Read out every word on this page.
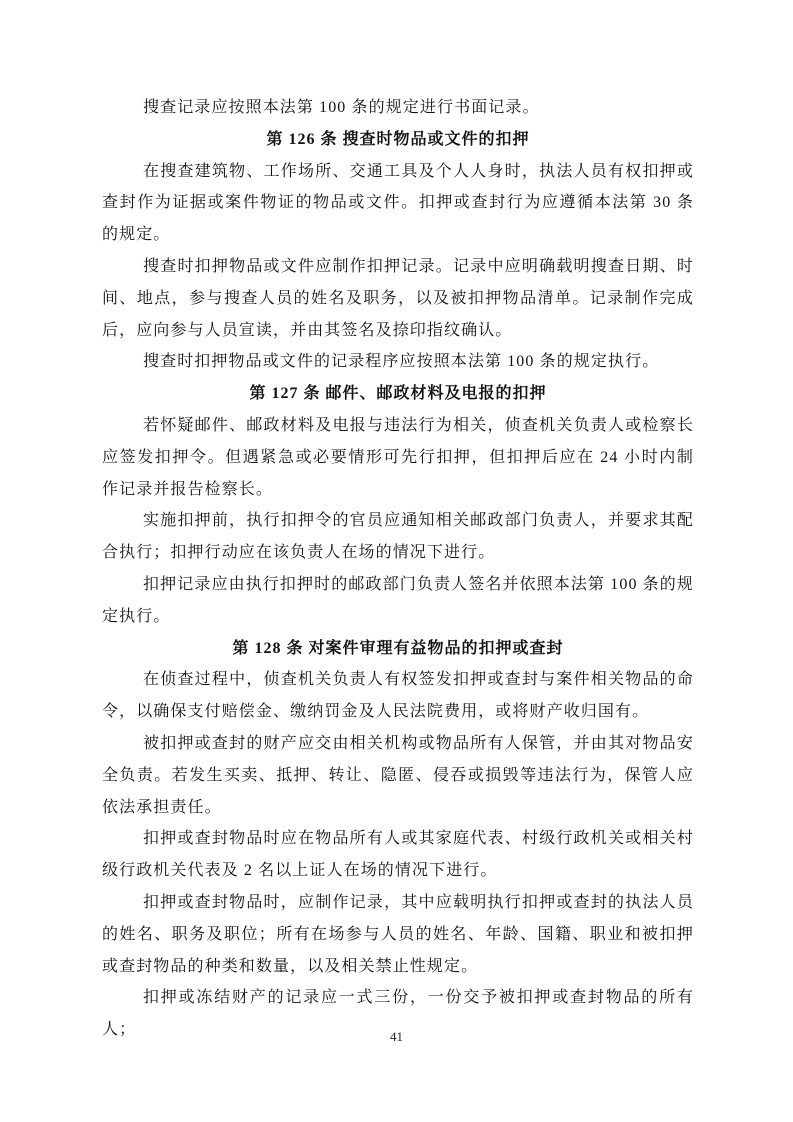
搜查记录应按照本法第 100 条的规定进行书面记录。

第 126 条 搜查时物品或文件的扣押

在搜查建筑物、工作场所、交通工具及个人人身时，执法人员有权扣押或查封作为证据或案件物证的物品或文件。扣押或查封行为应遵循本法第 30 条的规定。

搜查时扣押物品或文件应制作扣押记录。记录中应明确载明搜查日期、时间、地点，参与搜查人员的姓名及职务，以及被扣押物品清单。记录制作完成后，应向参与人员宣读，并由其签名及捺印指纹确认。

搜查时扣押物品或文件的记录程序应按照本法第 100 条的规定执行。

第 127 条 邮件、邮政材料及电报的扣押

若怀疑邮件、邮政材料及电报与违法行为相关，侦查机关负责人或检察长应签发扣押令。但遇紧急或必要情形可先行扣押，但扣押后应在 24 小时内制作记录并报告检察长。

实施扣押前，执行扣押令的官员应通知相关邮政部门负责人，并要求其配合执行；扣押行动应在该负责人在场的情况下进行。

扣押记录应由执行扣押时的邮政部门负责人签名并依照本法第 100 条的规定执行。

第 128 条 对案件审理有益物品的扣押或查封

在侦查过程中，侦查机关负责人有权签发扣押或查封与案件相关物品的命令，以确保支付赔偿金、缴纳罚金及人民法院费用，或将财产收归国有。

被扣押或查封的财产应交由相关机构或物品所有人保管，并由其对物品安全负责。若发生买卖、抵押、转让、隐匿、侵吞或损毁等违法行为，保管人应依法承担责任。

扣押或查封物品时应在物品所有人或其家庭代表、村级行政机关或相关村级行政机关代表及 2 名以上证人在场的情况下进行。

扣押或查封物品时，应制作记录，其中应载明执行扣押或查封的执法人员的姓名、职务及职位；所有在场参与人员的姓名、年龄、国籍、职业和被扣押或查封物品的种类和数量，以及相关禁止性规定。

扣押或冻结财产的记录应一式三份，一份交予被扣押或查封物品的所有人；	41
